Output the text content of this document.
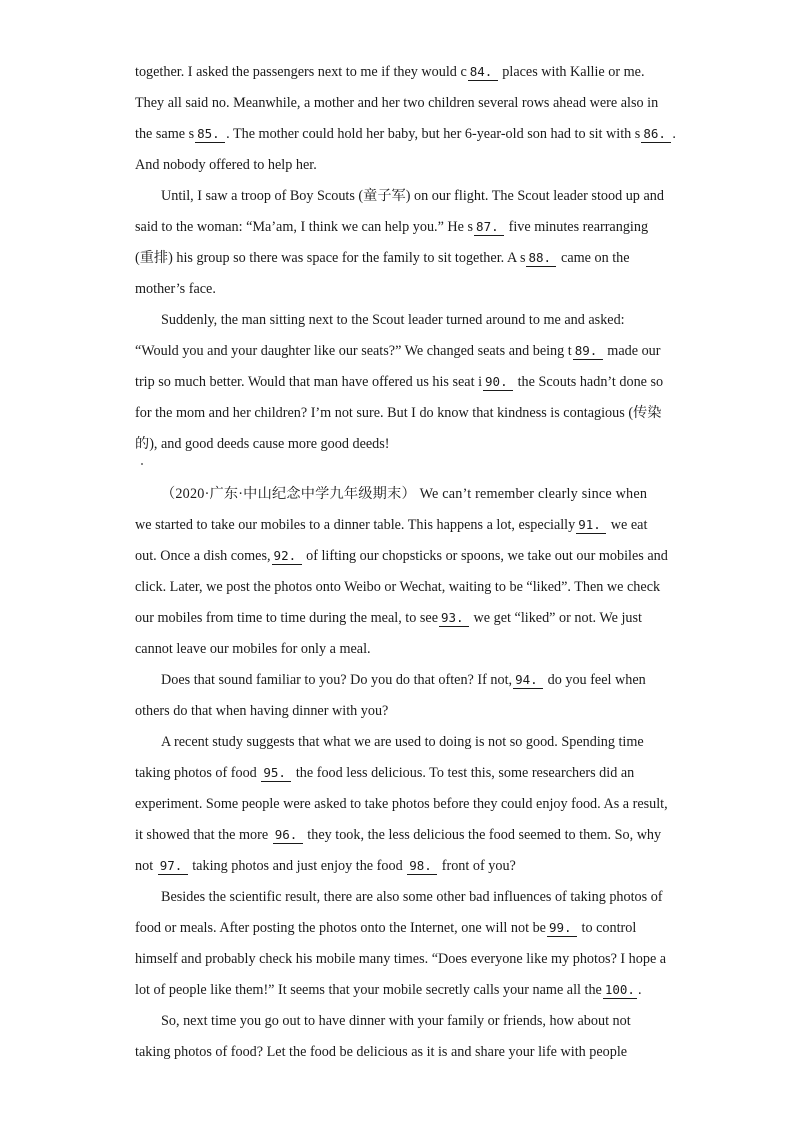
together. I asked the passengers next to me if they would c 84. places with Kallie or me.
They all said no. Meanwhile, a mother and her two children several rows ahead were also in
the same s 85. . The mother could hold her baby, but her 6-year-old son had to sit with s 86. .
And nobody offered to help her.
Until, I saw a troop of Boy Scouts (童子军) on our flight. The Scout leader stood up and
said to the woman: “Ma’am, I think we can help you.” He s 87. five minutes rearranging
(重排) his group so there was space for the family to sit together. A s 88. came on the
mother’s face.
Suddenly, the man sitting next to the Scout leader turned around to me and asked:
“Would you and your daughter like our seats?” We changed seats and being t 89. made our
trip so much better. Would that man have offered us his seat i 90. the Scouts hadn’t done so
for the mom and her children? I’m not sure. But I do know that kindness is contagious (传染
的), and good deeds cause more good deeds!
（2020·广东·中山纪念中学九年级期末） We can’t remember clearly since when
we started to take our mobiles to a dinner table. This happens a lot, especially 91. we eat
out. Once a dish comes, 92. of lifting our chopsticks or spoons, we take out our mobiles and
click. Later, we post the photos onto Weibo or Wechat, waiting to be “liked”. Then we check
our mobiles from time to time during the meal, to see 93. we get “liked” or not. We just
cannot leave our mobiles for only a meal.
Does that sound familiar to you? Do you do that often? If not, 94. do you feel when
others do that when having dinner with you?
A recent study suggests that what we are used to doing is not so good. Spending time
taking photos of food 95. the food less delicious. To test this, some researchers did an
experiment. Some people were asked to take photos before they could enjoy food. As a result,
it showed that the more 96. they took, the less delicious the food seemed to them. So, why
not 97. taking photos and just enjoy the food 98. front of you?
Besides the scientific result, there are also some other bad influences of taking photos of
food or meals. After posting the photos onto the Internet, one will not be 99. to control
himself and probably check his mobile many times. “Does everyone like my photos? I hope a
lot of people like them!” It seems that your mobile secretly calls your name all the 100. .
So, next time you go out to have dinner with your family or friends, how about not
taking photos of food? Let the food be delicious as it is and share your life with people
